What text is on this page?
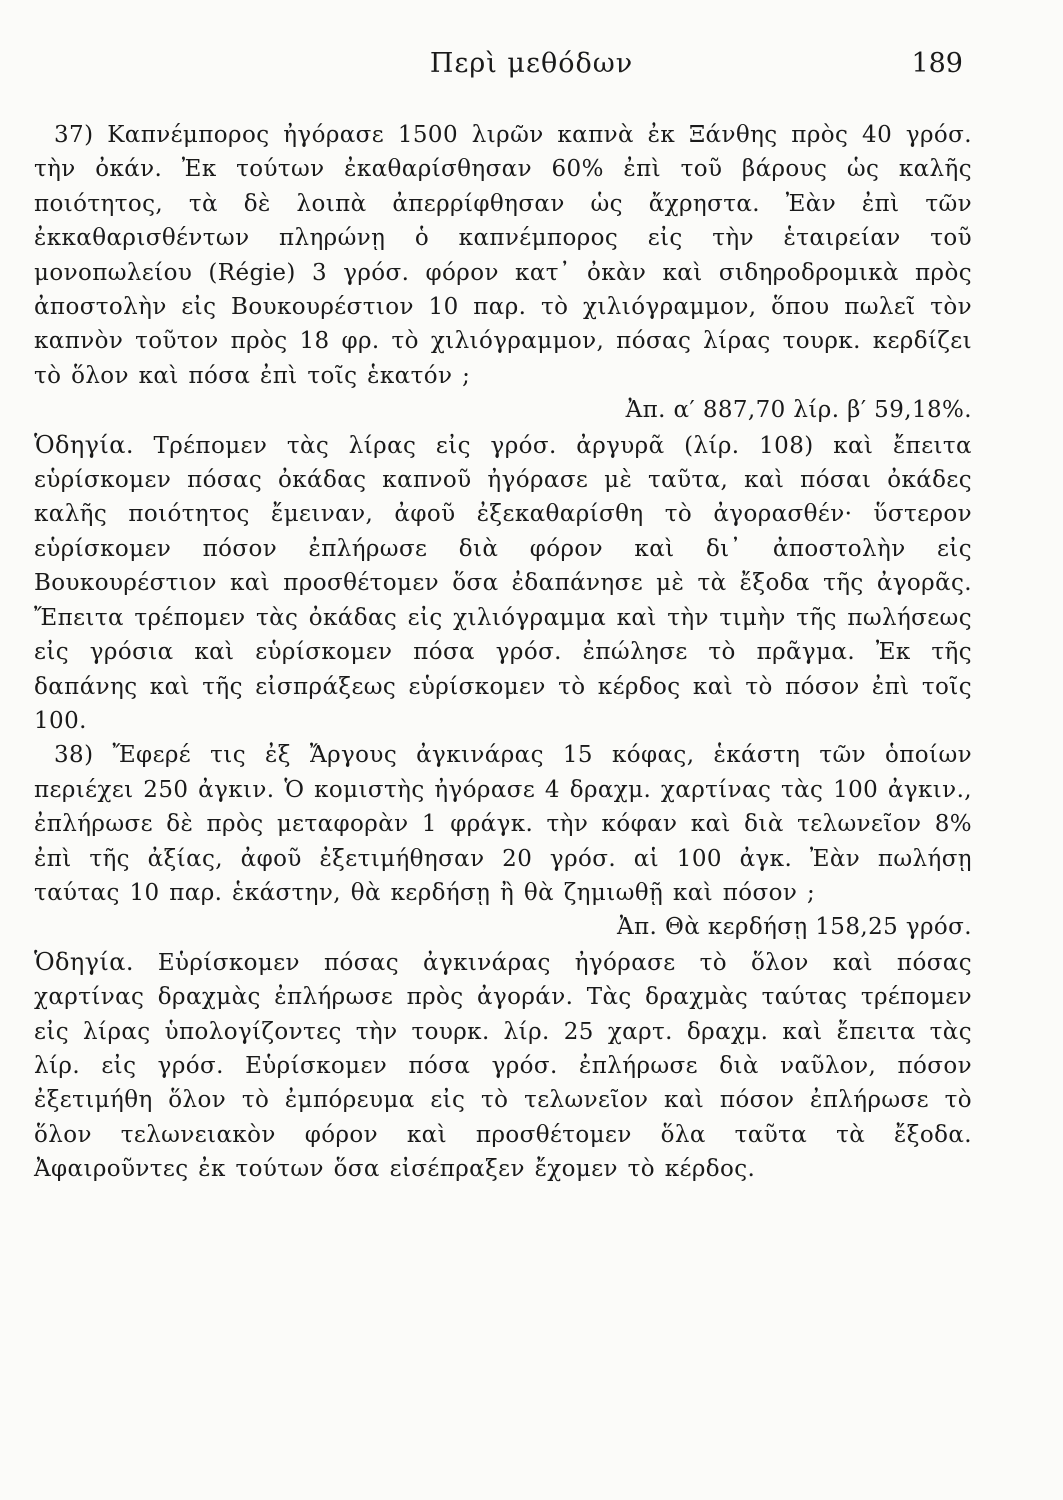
Περὶ μεθόδων	189

37) Καπνέμπορος ἠγόρασε 1500 λιρῶν καπνὰ ἐκ Ξάνθης πρὸς 40 γρόσ. τὴν ὀκάν. Ἐκ τούτων ἐκαθαρίσθησαν 60% ἐπὶ τοῦ βάρους ὡς καλῆς ποιότητος, τὰ δὲ λοιπὰ ἀπερρίφθησαν ὡς ἄχρηστα. Ἐὰν ἐπὶ τῶν ἐκκαθαρισθέντων πληρώνῃ ὁ καπνέμπορος εἰς τὴν ἑταιρείαν τοῦ μονοπωλείου (Régie) 3 γρόσ. φόρον κατ᾽ ὀκὰν καὶ σιδηροδρομικὰ πρὸς ἀποστολὴν εἰς Βουκουρέστιον 10 παρ. τὸ χιλιόγραμμον, ὅπου πωλεῖ τὸν καπνὸν τοῦτον πρὸς 18 φρ. τὸ χιλιόγραμμον, πόσας λίρας τουρκ. κερδίζει τὸ ὅλον καὶ πόσα ἐπὶ τοῖς ἑκατόν ;

Ἀπ. α′ 887,70 λίρ. β′ 59,18%.

Ὁδηγία. Τρέπομεν τὰς λίρας εἰς γρόσ. ἀργυρᾶ (λίρ. 108) καὶ ἔπειτα εὑρίσκομεν πόσας ὀκάδας καπνοῦ ἠγόρασε μὲ ταῦτα, καὶ πόσαι ὀκάδες καλῆς ποιότητος ἔμειναν, ἀφοῦ ἐξεκαθαρίσθη τὸ ἀγορασθέν· ὕστερον εὑρίσκομεν πόσον ἐπλήρωσε διὰ φόρον καὶ δι᾽ ἀποστολὴν εἰς Βουκουρέστιον καὶ προσθέτομεν ὅσα ἐδαπάνησε μὲ τὰ ἔξοδα τῆς ἀγορᾶς. Ἔπειτα τρέπομεν τὰς ὀκάδας εἰς χιλιόγραμμα καὶ τὴν τιμὴν τῆς πωλήσεως εἰς γρόσια καὶ εὑρίσκομεν πόσα γρόσ. ἐπώλησε τὸ πρᾶγμα. Ἐκ τῆς δαπάνης καὶ τῆς εἰσπράξεως εὑρίσκομεν τὸ κέρδος καὶ τὸ πόσον ἐπὶ τοῖς 100.

38) Ἔφερέ τις ἐξ Ἄργους ἀγκινάρας 15 κόφας, ἑκάστη τῶν ὁποίων περιέχει 250 ἀγκιν. Ὁ κομιστὴς ἠγόρασε 4 δραχμ. χαρτίνας τὰς 100 ἀγκιν., ἐπλήρωσε δὲ πρὸς μεταφορὰν 1 φράγκ. τὴν κόφαν καὶ διὰ τελωνεῖον 8% ἐπὶ τῆς ἀξίας, ἀφοῦ ἐξετιμήθησαν 20 γρόσ. αἱ 100 ἀγκ. Ἐὰν πωλήσῃ ταύτας 10 παρ. ἑκάστην, θὰ κερδήσῃ ἢ θὰ ζημιωθῇ καὶ πόσον ;

Ἀπ. Θὰ κερδήσῃ 158,25 γρόσ.

Ὁδηγία. Εὑρίσκομεν πόσας ἀγκινάρας ἠγόρασε τὸ ὅλον καὶ πόσας χαρτίνας δραχμὰς ἐπλήρωσε πρὸς ἀγοράν. Τὰς δραχμὰς ταύτας τρέπομεν εἰς λίρας ὑπολογίζοντες τὴν τουρκ. λίρ. 25 χαρτ. δραχμ. καὶ ἔπειτα τὰς λίρ. εἰς γρόσ. Εὑρίσκομεν πόσα γρόσ. ἐπλήρωσε διὰ ναῦλον, πόσον ἐξετιμήθη ὅλον τὸ ἐμπόρευμα εἰς τὸ τελωνεῖον καὶ πόσον ἐπλήρωσε τὸ ὅλον τελωνειακὸν φόρον καὶ προσθέτομεν ὅλα ταῦτα τὰ ἔξοδα. Ἀφαιροῦντες ἐκ τούτων ὅσα εἰσέπραξεν ἔχομεν τὸ κέρδος.
